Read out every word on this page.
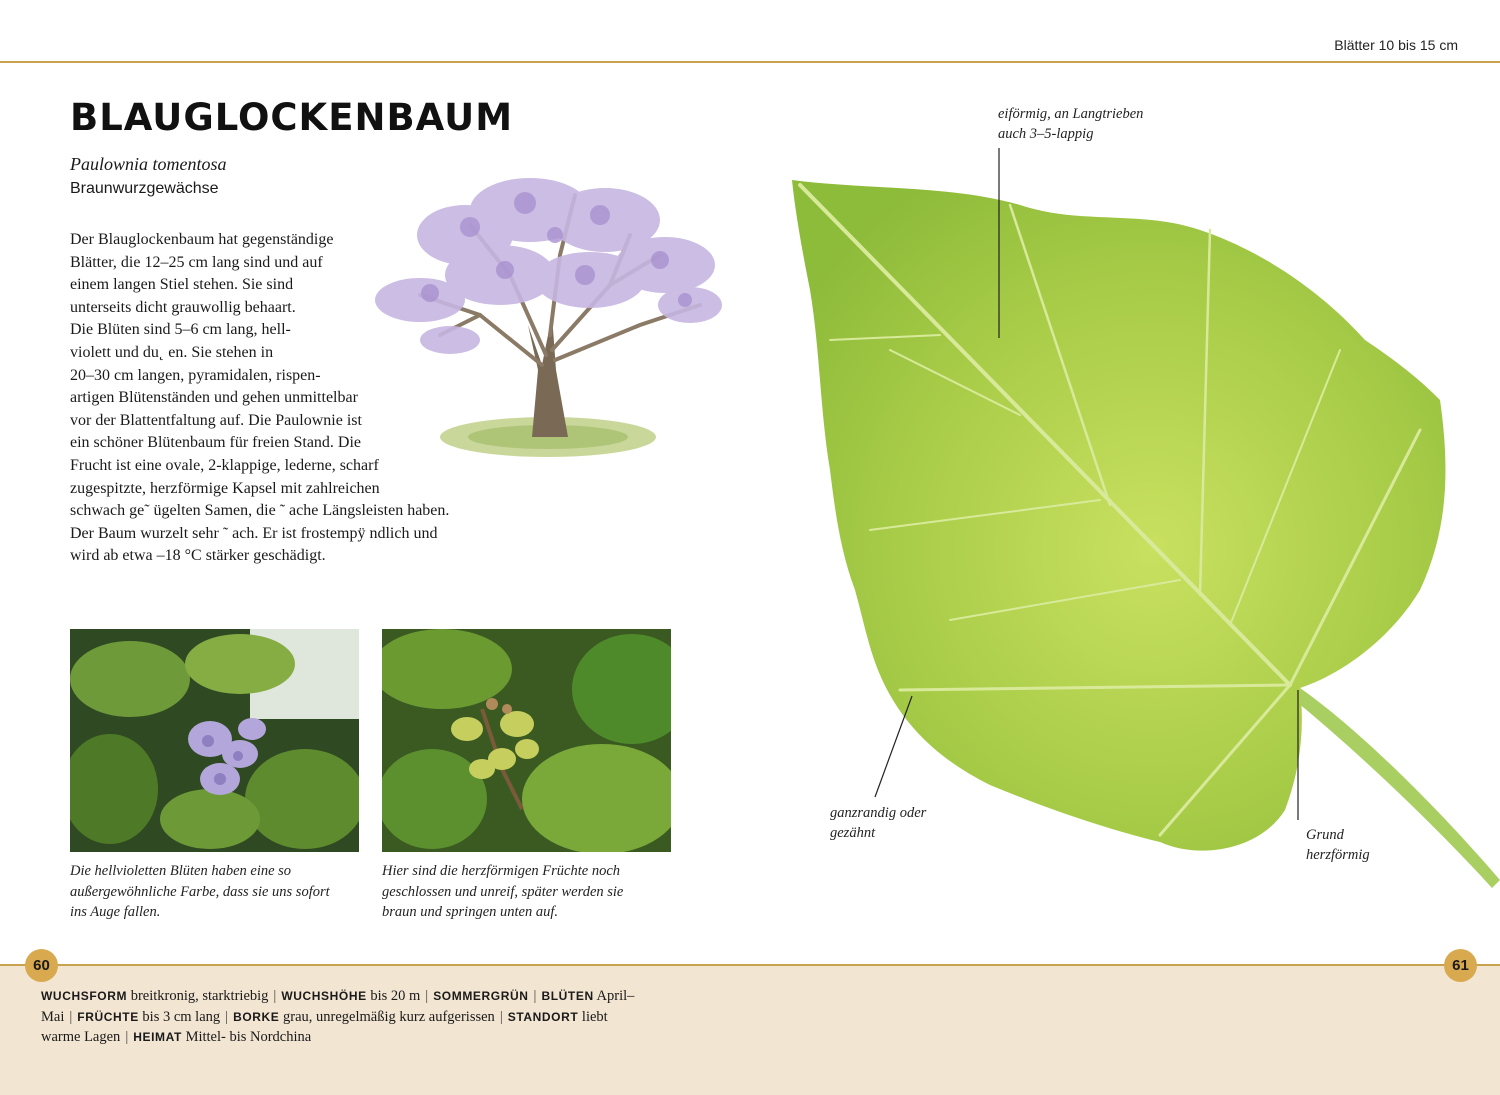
Blätter 10 bis 15 cm
BLAUGLOCKENBAUM
Paulownia tomentosa
Braunwurzgewächse
Der Blauglockenbaum hat gegenständige
Blätter, die 12–25 cm lang sind und auf
einem langen Stiel stehen. Sie sind
unterseits dicht grauwollig behaart.
Die Blüten sind 5–6 cm lang, hell-
violett und du˛ en. Sie stehen in
20–30 cm langen, pyramidalen, rispen-
artigen Blütenständen und gehen unmittelbar
vor der Blattentfaltung auf. Die Paulownie ist
ein schöner Blütenbaum für freien Stand. Die
Frucht ist eine ovale, 2-klappige, lederne, scharf
zugespitzte, herzförmige Kapsel mit zahlreichen
schwach ge˜ ügelten Samen, die ˜ ache Längsleisten haben.
Der Baum wurzelt sehr ˜ ach. Er ist frostempÿ ndlich und
wird ab etwa –18 °C stärker geschädigt.
Die hellvioletten Blüten haben eine so
außergewöhnliche Farbe, dass sie uns sofort
ins Auge fallen.
Hier sind die herzförmigen Früchte noch
geschlossen und unreif, später werden sie
braun und springen unten auf.
eiförmig, an Langtrieben
auch 3–5-lappig
ganzrandig oder
gezähnt	Grund
herzförmig
60	61
WUCHSFORM breitkronig, starktriebig | WUCHSHÖHE bis 20 m | SOMMERGRÜN | BLÜTEN April–
Mai | FRÜCHTE bis 3 cm lang | BORKE grau, unregelmäßig kurz aufgerissen | STANDORT liebt
warme Lagen | HEIMAT Mittel- bis Nordchina
